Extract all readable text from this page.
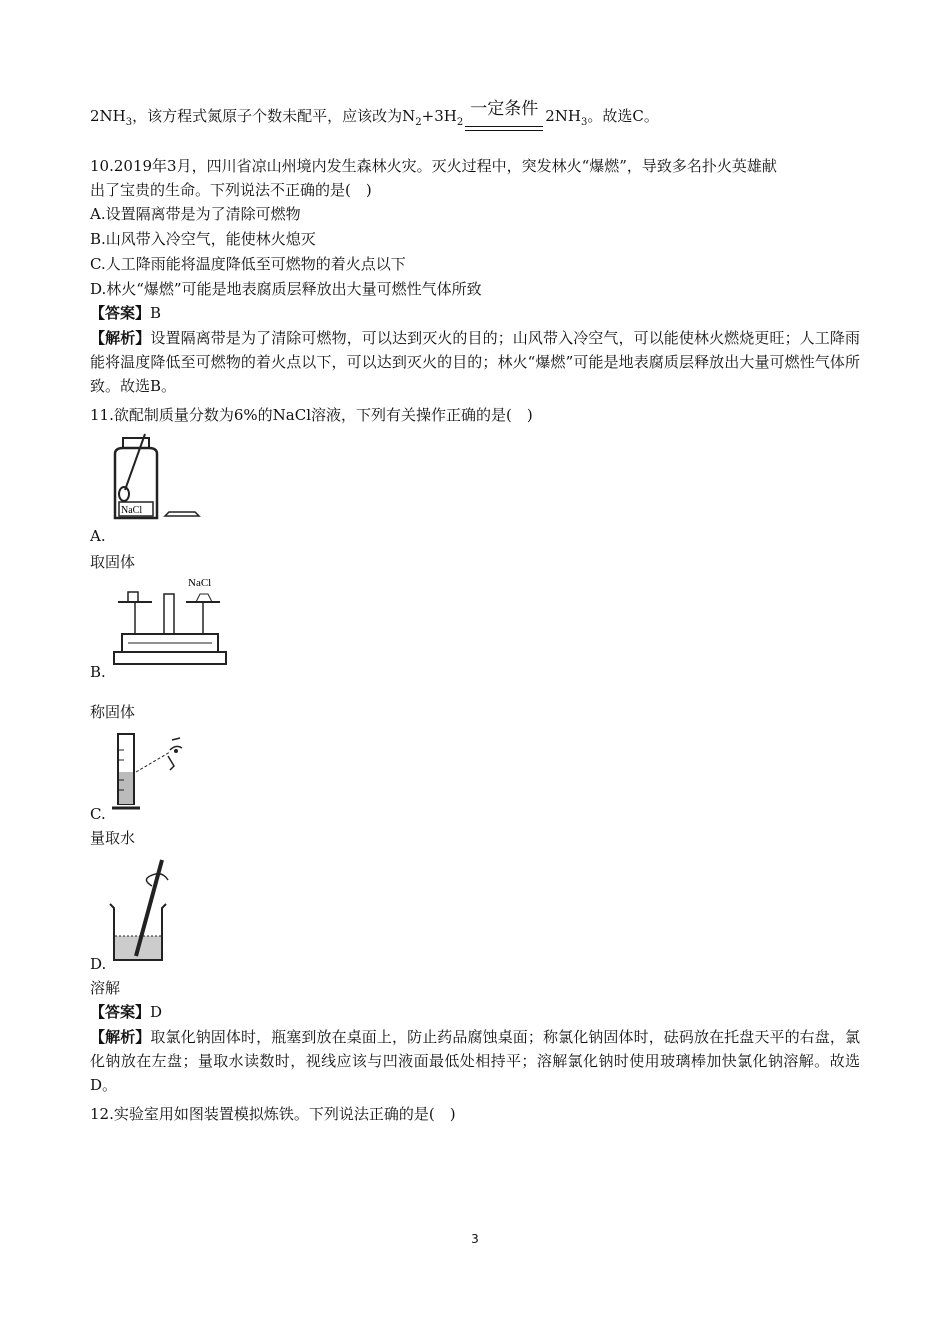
$2NH_3$，该方程式氮原子个数未配平，应该改为$N_2+3H_2$
一定条件 $2NH_3$。故选C。
10.2019年3月，四川省凉山州境内发生森林火灾。灭火过程中，突发林火“爆燃”，导致多名扑火英雄献
出了宝贵的生命。下列说法不正确的是(　)
A.设置隔离带是为了清除可燃物
B.山风带入冷空气，能使林火熄灭
C.人工降雨能将温度降低至可燃物的着火点以下
D.林火“爆燃”可能是地表腐质层释放出大量可燃性气体所致
【答案】B
【解析】设置隔离带是为了清除可燃物，可以达到灭火的目的；山风带入冷空气，可以能使林火燃烧更旺；人工降雨能将温度降低至可燃物的着火点以下，可以达到灭火的目的；林火“爆燃”可能是地表腐质层释放出大量可燃性气体所致。故选B。
11.欲配制质量分数为6%的NaCl溶液，下列有关操作正确的是(　)
NaCl
A.
取固体
NaCl
B.
称固体
C.
量取水
D.
溶解
【答案】D
【解析】取氯化钠固体时，瓶塞到放在桌面上，防止药品腐蚀桌面；称氯化钠固体时，砝码放在托盘天平的右盘，氯化钠放在左盘；量取水读数时，视线应该与凹液面最低处相持平；溶解氯化钠时使用玻璃棒加快氯化钠溶解。故选D。
12.实验室用如图装置模拟炼铁。下列说法正确的是(　)
3
